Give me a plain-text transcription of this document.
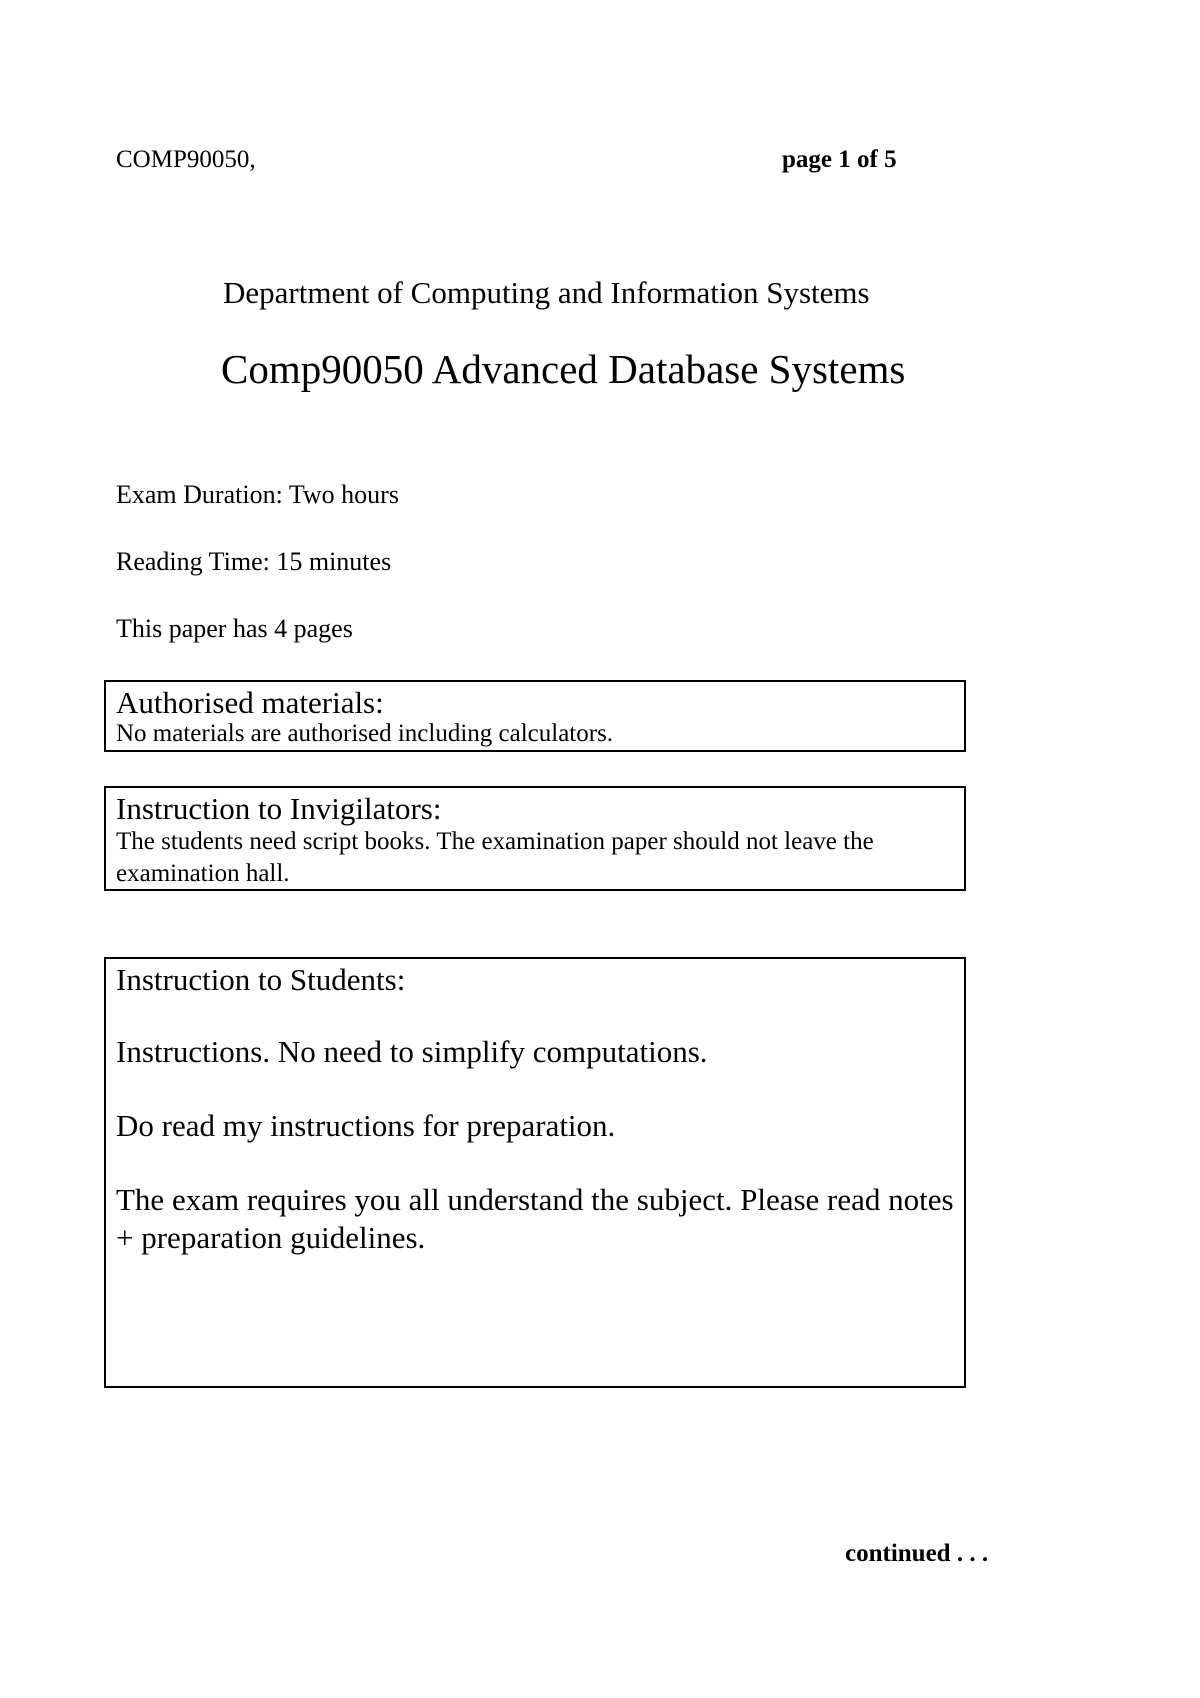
COMP90050,	page 1 of 5
Department of Computing and Information Systems
Comp90050 Advanced Database Systems
Exam Duration: Two hours
Reading Time: 15 minutes
This paper has 4 pages
Authorised materials:
No materials are authorised including calculators.
Instruction to Invigilators:
The students need script books. The examination paper should not leave the examination hall.
Instruction to Students:

Instructions. No need to simplify computations.

Do read my instructions for preparation.

The exam requires you all understand the subject. Please read notes + preparation guidelines.

continued . . .
